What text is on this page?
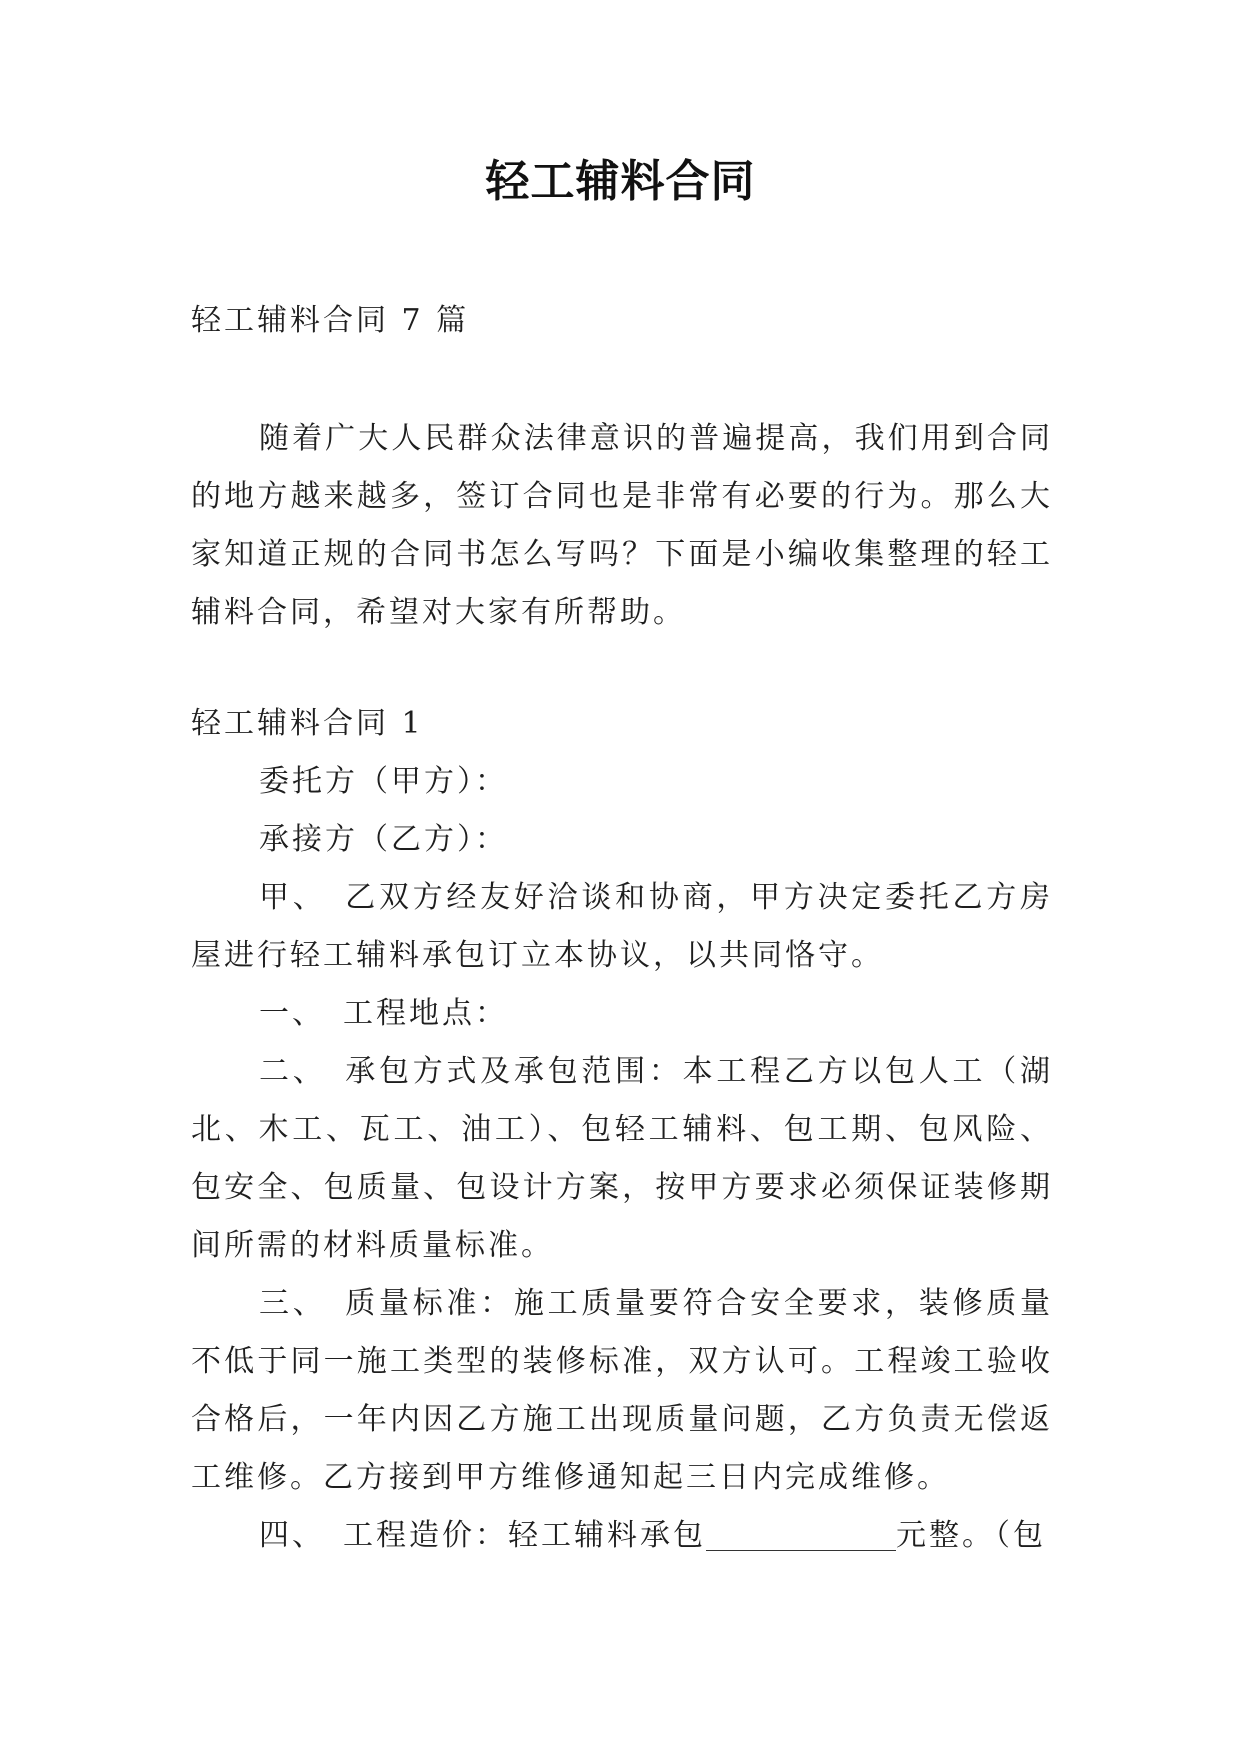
轻工辅料合同

轻工辅料合同 7 篇

随着广大人民群众法律意识的普遍提高，我们用到合同的地方越来越多，签订合同也是非常有必要的行为。那么大家知道正规的合同书怎么写吗？下面是小编收集整理的轻工辅料合同，希望对大家有所帮助。

轻工辅料合同 1

委托方（甲方）：

承接方（乙方）：

甲、　乙双方经友好洽谈和协商，甲方决定委托乙方房屋进行轻工辅料承包订立本协议，以共同恪守。

一、　工程地点：

二、　承包方式及承包范围：本工程乙方以包人工（湖北、木工、瓦工、油工）、包轻工辅料、包工期、包风险、包安全、包质量、包设计方案，按甲方要求必须保证装修期间所需的材料质量标准。

三、　质量标准：施工质量要符合安全要求，装修质量不低于同一施工类型的装修标准，双方认可。工程竣工验收合格后，一年内因乙方施工出现质量问题，乙方负责无偿返工维修。乙方接到甲方维修通知起三日内完成维修。

四、　工程造价：轻工辅料承包	元整。（包
